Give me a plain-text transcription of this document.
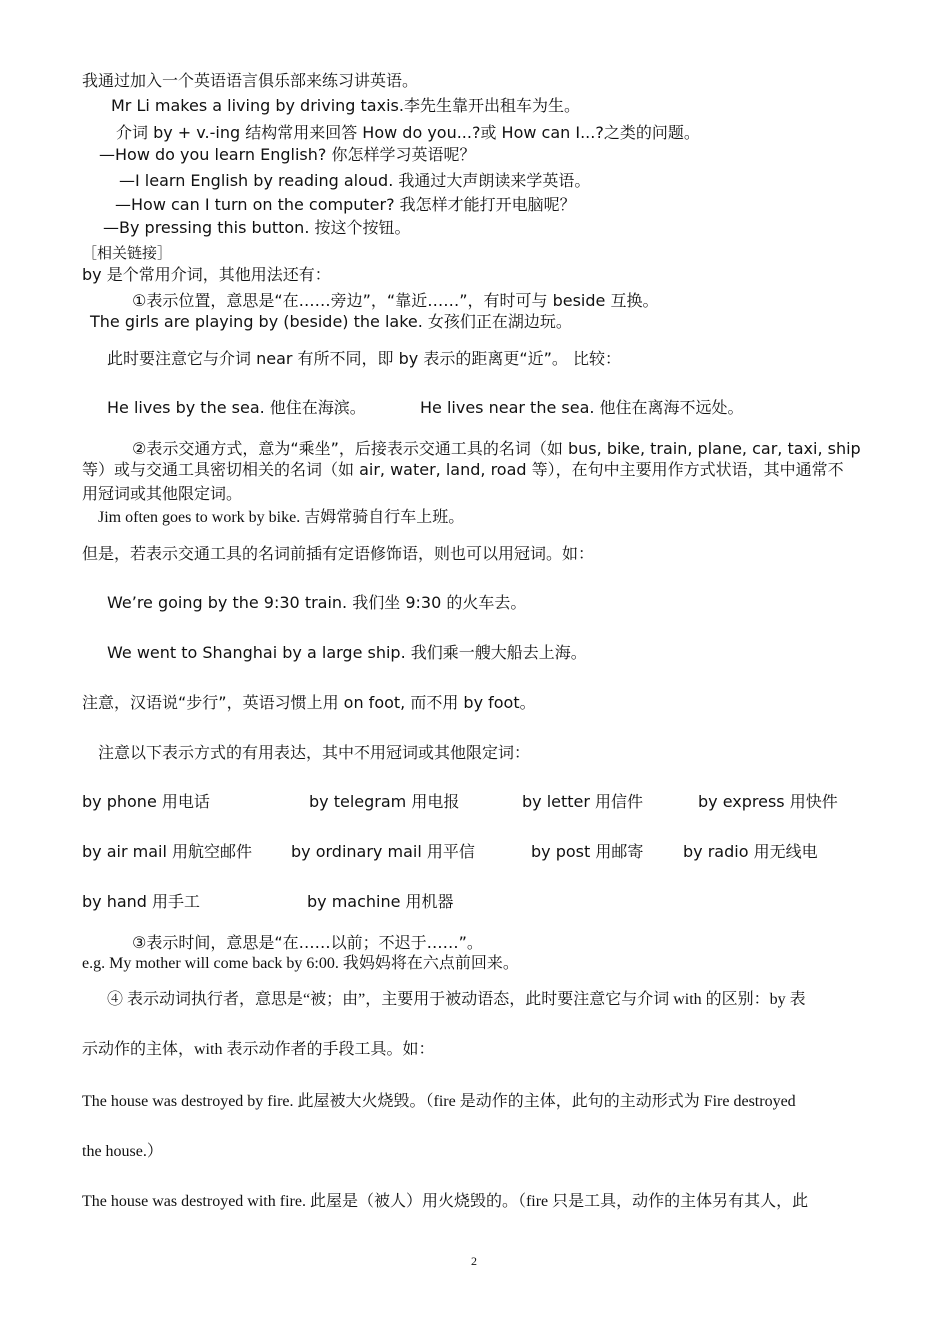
我通过加入一个英语语言俱乐部来练习讲英语。
Mr Li makes a living by driving taxis.李先生靠开出租车为生。
介词 by + v.-ing 结构常用来回答 How do you...?或 How can I...?之类的问题。
—How do you learn English? 你怎样学习英语呢？
—I learn English by reading aloud. 我通过大声朗读来学英语。
—How can I turn on the computer? 我怎样才能打开电脑呢？
—By pressing this button. 按这个按钮。
［相关链接］
by 是个常用介词，其他用法还有：
①表示位置，意思是“在……旁边”，“靠近……”，有时可与 beside 互换。
The girls are playing by (beside) the lake. 女孩们正在湖边玩。
此时要注意它与介词 near 有所不同，即 by 表示的距离更“近”。 比较：
He lives by the sea. 他住在海滨。	He lives near the sea. 他住在离海不远处。
②表示交通方式，意为“乘坐”，后接表示交通工具的名词（如 bus, bike, train, plane, car, taxi, ship
等）或与交通工具密切相关的名词（如 air, water, land, road 等），在句中主要用作方式状语，其中通常不
用冠词或其他限定词。
Jim often goes to work by bike. 吉姆常骑自行车上班。
但是，若表示交通工具的名词前插有定语修饰语，则也可以用冠词。如：
We’re going by the 9:30 train. 我们坐 9:30 的火车去。
We went to Shanghai by a large ship. 我们乘一艘大船去上海。
注意，汉语说“步行”，英语习惯上用 on foot, 而不用 by foot。
注意以下表示方式的有用表达，其中不用冠词或其他限定词：
by phone 用电话	by telegram 用电报	by letter 用信件	by express 用快件
by air mail 用航空邮件 by ordinary mail 用平信	by post 用邮寄 by radio 用无线电
by hand 用手工	by machine 用机器
③表示时间，意思是“在……以前；不迟于……”。
e.g. My mother will come back by 6:00. 我妈妈将在六点前回来。
④ 表示动词执行者，意思是“被；由”，主要用于被动语态，此时要注意它与介词 with 的区别：by 表
示动作的主体，with 表示动作者的手段工具。如：
The house was destroyed by fire. 此屋被大火烧毁。（fire 是动作的主体，此句的主动形式为 Fire destroyed
the house.）
The house was destroyed with fire. 此屋是（被人）用火烧毁的。（fire 只是工具，动作的主体另有其人，此
2
